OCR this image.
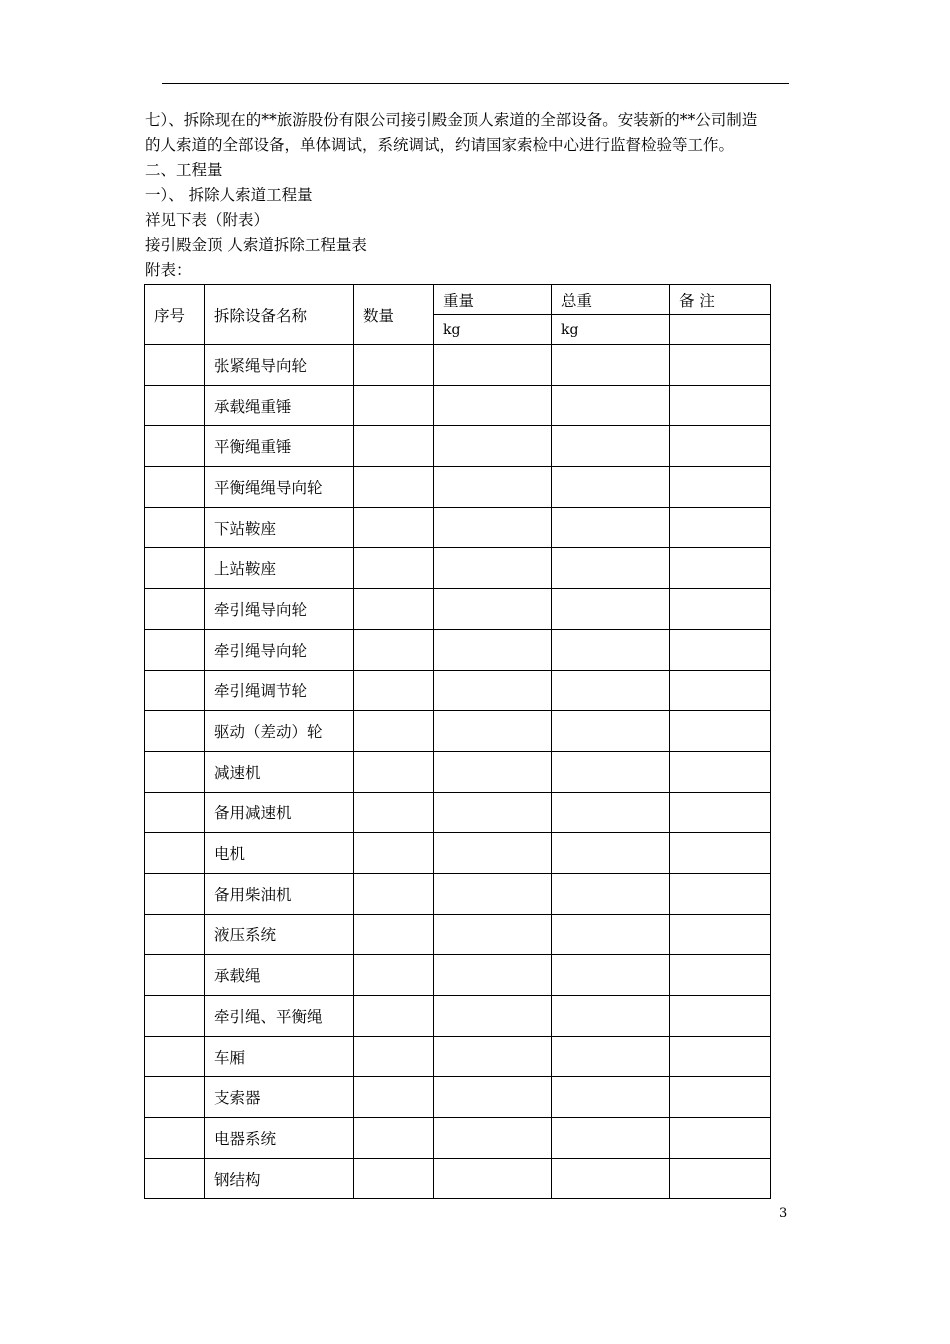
七）、拆除现在的**旅游股份有限公司接引殿金顶人索道的全部设备。安装新的**公司制造
的人索道的全部设备，单体调试，系统调试，约请国家索检中心进行监督检验等工作。
二、工程量
一）、 拆除人索道工程量
祥见下表（附表）
接引殿金顶 人索道拆除工程量表
附表：
序号	拆除设备名称	数量	重量	总重	备 注
			kg	kg	
	张紧绳导向轮				
	承载绳重锤				
	平衡绳重锤				
	平衡绳绳导向轮				
	下站鞍座				
	上站鞍座				
	牵引绳导向轮				
	牵引绳导向轮				
	牵引绳调节轮				
	驱动（差动）轮				
	减速机				
	备用减速机				
	电机				
	备用柴油机				
	液压系统				
	承载绳				
	牵引绳、平衡绳				
	车厢				
	支索器				
	电器系统				
	钢结构				
3
